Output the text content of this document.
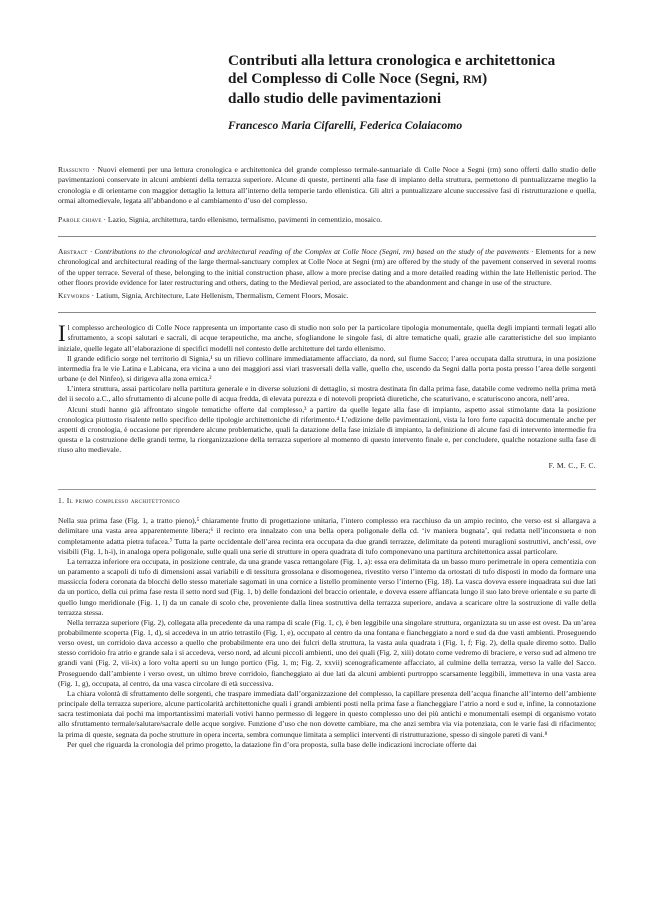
Contributi alla lettura cronologica e architettonica
del Complesso di Colle Noce (Segni, RM)
dallo studio delle pavimentazioni
Francesco Maria Cifarelli, Federica Colaiacomo

Riassunto · Nuovi elementi per una lettura cronologica e architettonica del grande complesso termale-santuariale di Colle Noce a Segni (rm) sono offerti dallo studio delle pavimentazioni conservate in alcuni ambienti della terrazza superiore. Alcune di queste, pertinenti alla fase di impianto della struttura, permettono di puntualizzarne meglio la cronologia e di orientarne con maggior dettaglio la lettura all’interno della temperie tardo ellenistica. Gli altri a puntualizzare alcune successive fasi di ristrutturazione e quella, ormai altomedievale, legata all’abbandono e al cambiamento d’uso del complesso.

Parole chiave · Lazio, Signia, architettura, tardo ellenismo, termalismo, pavimenti in cementizio, mosaico.

Abstract · Contributions to the chronological and architectural reading of the Complex at Colle Noce (Segni, rm) based on the study of the pavements · Elements for a new chronological and architectural reading of the large thermal-sanctuary complex at Colle Noce at Segni (rm) are offered by the study of the pavement conserved in several rooms of the upper terrace. Several of these, belonging to the initial construction phase, allow a more precise dating and a more detailed reading within the late Hellenistic period. The other floors provide evidence for later restructuring and others, dating to the Medieval period, are associated to the abandonment and change in use of the structure.

Keywords · Latium, Signia, Architecture, Late Hellenism, Thermalism, Cement Floors, Mosaic.

Il complesso archeologico di Colle Noce rappresenta un importante caso di studio non solo per la particolare tipologia monumentale, quella degli impianti termali legati allo sfruttamento, a scopi salutari e sacrali, di acque terapeutiche, ma anche, sfogliandone le singole fasi, di altre tematiche quali, grazie alle caratteristiche del suo impianto iniziale, quelle legate all’elaborazione di specifici modelli nel contesto delle architetture del tardo ellenismo.

Il grande edificio sorge nel territorio di Signia,¹ su un rilievo collinare immediatamente affacciato, da nord, sul fiume Sacco; l’area occupata dalla struttura, in una posizione intermedia fra le vie Latina e Labicana, era vicina a uno dei maggiori assi viari trasversali della valle, quello che, uscendo da Segni dalla porta posta presso l’area delle sorgenti urbane (e del Ninfeo), si dirigeva alla zona ernica.²

L’intera struttura, assai particolare nella partitura generale e in diverse soluzioni di dettaglio, si mostra destinata fin dalla prima fase, databile come vedremo nella prima metà del ii secolo a.C., allo sfruttamento di alcune polle di acqua fredda, di elevata purezza e di notevoli proprietà diuretiche, che scaturivano, e scaturiscono ancora, nell’area.

Alcuni studi hanno già affrontato singole tematiche offerte dal complesso,³ a partire da quelle legate alla fase di impianto, aspetto assai stimolante data la posizione cronologica piuttosto risalente nello specifico delle tipologie architettoniche di riferimento.⁴ L’edizione delle pavimentazioni, vista la loro forte capacità documentale anche per aspetti di cronologia, è occasione per riprendere alcune problematiche, quali la datazione della fase iniziale di impianto, la definizione di alcune fasi di intervento intermedie fra questa e la costruzione delle grandi terme, la riorganizzazione della terrazza superiore al momento di questo intervento finale e, per concludere, qualche notazione sulla fase di riuso alto medievale.

F. M. C., F. C.
1. Il primo complesso architettonico

Nella sua prima fase (Fig. 1, a tratto pieno),⁵ chiaramente frutto di progettazione unitaria, l’intero complesso era racchiuso da un ampio recinto, che verso est si allargava a delimitare una vasta area apparentemente libera;⁶ il recinto era innalzato con una bella opera poligonale della cd. ‘iv maniera bugnata’, qui redatta nell’inconsueta e non completamente adatta pietra tufacea.⁷ Tutta la parte occidentale dell’area recinta era occupata da due grandi terrazze, delimitate da potenti muraglioni sostruttivi, anch’essi, ove visibili (Fig. 1, h-i), in analoga opera poligonale, sulle quali una serie di strutture in opera quadrata di tufo componevano una partitura architettonica assai particolare.

La terrazza inferiore era occupata, in posizione centrale, da una grande vasca rettangolare (Fig. 1, a): essa era delimitata da un basso muro perimetrale in opera cementizia con un paramento a scapoli di tufo di dimensioni assai variabili e di tessitura grossolana e disomogenea, rivestito verso l’interno da ortostati di tufo disposti in modo da formare una massiccia fodera coronata da blocchi dello stesso materiale sagomati in una cornice a listello prominente verso l’interno (Fig. 18). La vasca doveva essere inquadrata sui due lati da un portico, della cui prima fase resta il setto nord sud (Fig. 1, b) delle fondazioni del braccio orientale, e doveva essere affiancata lungo il suo lato breve orientale e su parte di quello lungo meridionale (Fig. 1, l) da un canale di scolo che, proveniente dalla linea sostruttiva della terrazza superiore, andava a scaricare oltre la sostruzione di valle della terrazza stessa.

Nella terrazza superiore (Fig. 2), collegata alla precedente da una rampa di scale (Fig. 1, c), è ben leggibile una singolare struttura, organizzata su un asse est ovest. Da un’area probabilmente scoperta (Fig. 1, d), si accedeva in un atrio tetrastilo (Fig. 1, e), occupato al centro da una fontana e fiancheggiato a nord e sud da due vasti ambienti. Proseguendo verso ovest, un corridoio dava accesso a quello che probabilmente era uno dei fulcri della struttura, la vasta aula quadrata i (Fig. 1, f; Fig. 2), della quale diremo sotto. Dallo stesso corridoio fra atrio e grande sala i si accedeva, verso nord, ad alcuni piccoli ambienti, uno dei quali (Fig. 2, xiii) dotato come vedremo di braciere, e verso sud ad almeno tre grandi vani (Fig. 2, vii-ix) a loro volta aperti su un lungo portico (Fig. 1, m; Fig. 2, xxvii) scenograficamente affacciato, al culmine della terrazza, verso la valle del Sacco. Proseguendo dall’ambiente i verso ovest, un ultimo breve corridoio, fiancheggiato ai due lati da alcuni ambienti purtroppo scarsamente leggibili, immetteva in una vasta area (Fig. 1, g), occupata, al centro, da una vasca circolare di età successiva.

La chiara volontà di sfruttamento delle sorgenti, che traspare immediata dall’organizzazione del complesso, la capillare presenza dell’acqua finanche all’interno dell’ambiente principale della terrazza superiore, alcune particolarità architettoniche quali i grandi ambienti posti nella prima fase a fiancheggiare l’atrio a nord e sud e, infine, la connotazione sacra testimoniata dai pochi ma importantissimi materiali votivi hanno permesso di leggere in questo complesso uno dei più antichi e monumentali esempi di organismo votato allo sfruttamento termale/salutare/sacrale delle acque sorgive. Funzione d’uso che non dovette cambiare, ma che anzi sembra via via potenziata, con le varie fasi di rifacimento; la prima di queste, segnata da poche strutture in opera incerta, sembra comunque limitata a semplici interventi di ristrutturazione, spesso di singole pareti di vani.⁸

Per quel che riguarda la cronologia del primo progetto, la datazione fin d’ora proposta, sulla base delle indicazioni incrociate offerte dai
